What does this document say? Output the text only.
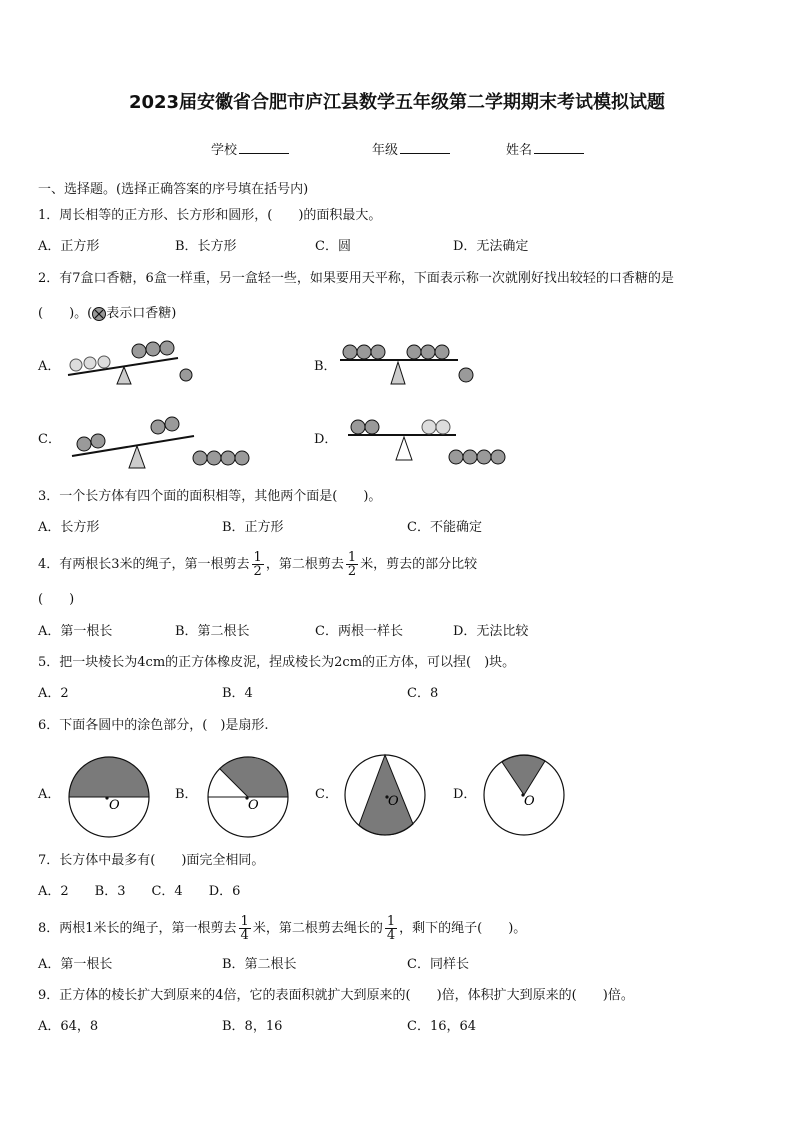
2023届安徽省合肥市庐江县数学五年级第二学期期末考试模拟试题
学校	年级	姓名
一、选择题。(选择正确答案的序号填在括号内)
1．周长相等的正方形、长方形和圆形，(　　)的面积最大。
A．正方形	B．长方形	C．圆	D．无法确定
2．有7盒口香糖，6盒一样重，另一盒轻一些，如果要用天平称，下面表示称一次就刚好找出较轻的口香糖的是
(　　)。( 表示口香糖)
A．	B．
C．	D．
3．一个长方体有四个面的面积相等，其他两个面是(　　)。
A．长方形	B．正方形	C．不能确定
4．有两根长3米的绳子，第一根剪去 $\frac{1}{2}$ ，第二根剪去 $\frac{1}{2}$ 米，剪去的部分比较
(　　)
A．第一根长	B．第二根长	C．两根一样长	D．无法比较
5．把一块棱长为4cm的正方体橡皮泥，捏成棱长为2cm的正方体，可以捏(　)块。
A．2	B．4	C．8
6．下面各圆中的涂色部分，(　)是扇形.
A．	B．	C．	D．
O	O	O	O
7．长方体中最多有(　　)面完全相同。
A．2　　B．3　　C．4　　D．6
8．两根1米长的绳子，第一根剪去 $\frac{1}{4}$ 米，第二根剪去绳长的 $\frac{1}{4}$ ，剩下的绳子(　　)。
A．第一根长	B．第二根长	C．同样长
9．正方体的棱长扩大到原来的4倍，它的表面积就扩大到原来的(　　)倍，体积扩大到原来的(　　)倍。
A．64，8	B．8，16	C．16，64
